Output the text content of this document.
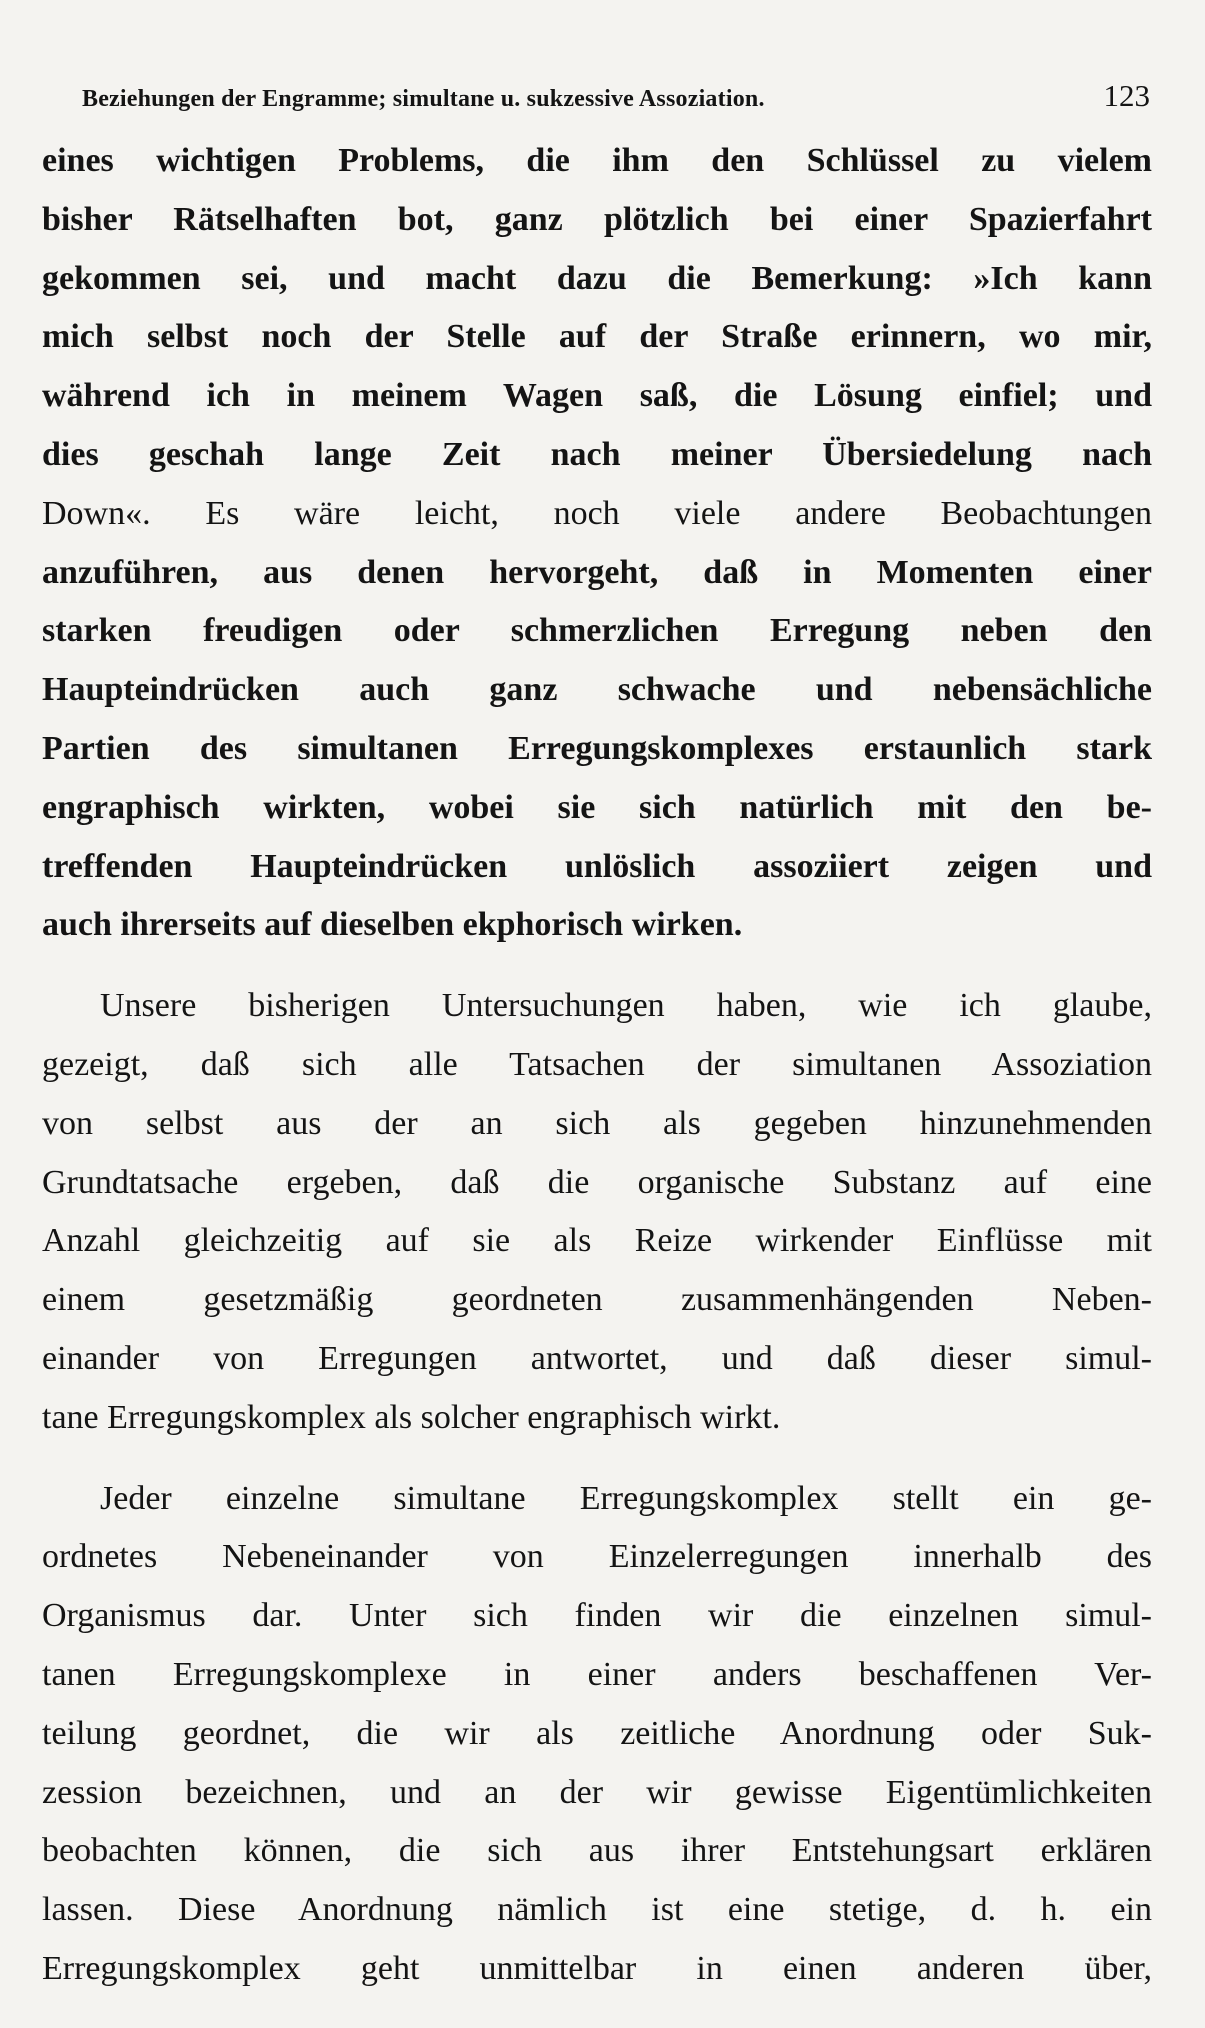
Beziehungen der Engramme; simultane u. sukzessive Assoziation.	123
eines wichtigen Problems, die ihm den Schlüssel zu vielem
bisher Rätselhaften bot, ganz plötzlich bei einer Spazierfahrt
gekommen sei, und macht dazu die Bemerkung: »Ich kann
mich selbst noch der Stelle auf der Straße erinnern, wo mir,
während ich in meinem Wagen saß, die Lösung einfiel; und
dies geschah lange Zeit nach meiner Übersiedelung nach
Down«. Es wäre leicht, noch viele andere Beobachtungen
anzuführen, aus denen hervorgeht, daß in Momenten einer
starken freudigen oder schmerzlichen Erregung neben den
Haupteindrücken auch ganz schwache und nebensächliche
Partien des simultanen Erregungskomplexes erstaunlich stark
engraphisch wirkten, wobei sie sich natürlich mit den be-
treffenden Haupteindrücken unlöslich assoziiert zeigen und
auch ihrerseits auf dieselben ekphorisch wirken.
Unsere bisherigen Untersuchungen haben, wie ich glaube,
gezeigt, daß sich alle Tatsachen der simultanen Assoziation
von selbst aus der an sich als gegeben hinzunehmenden
Grundtatsache ergeben, daß die organische Substanz auf eine
Anzahl gleichzeitig auf sie als Reize wirkender Einflüsse mit
einem gesetzmäßig geordneten zusammenhängenden Neben-
einander von Erregungen antwortet, und daß dieser simul-
tane Erregungskomplex als solcher engraphisch wirkt.
Jeder einzelne simultane Erregungskomplex stellt ein ge-
ordnetes Nebeneinander von Einzelerregungen innerhalb des
Organismus dar. Unter sich finden wir die einzelnen simul-
tanen Erregungskomplexe in einer anders beschaffenen Ver-
teilung geordnet, die wir als zeitliche Anordnung oder Suk-
zession bezeichnen, und an der wir gewisse Eigentümlichkeiten
beobachten können, die sich aus ihrer Entstehungsart erklären
lassen. Diese Anordnung nämlich ist eine stetige, d. h. ein
Erregungskomplex geht unmittelbar in einen anderen über,
